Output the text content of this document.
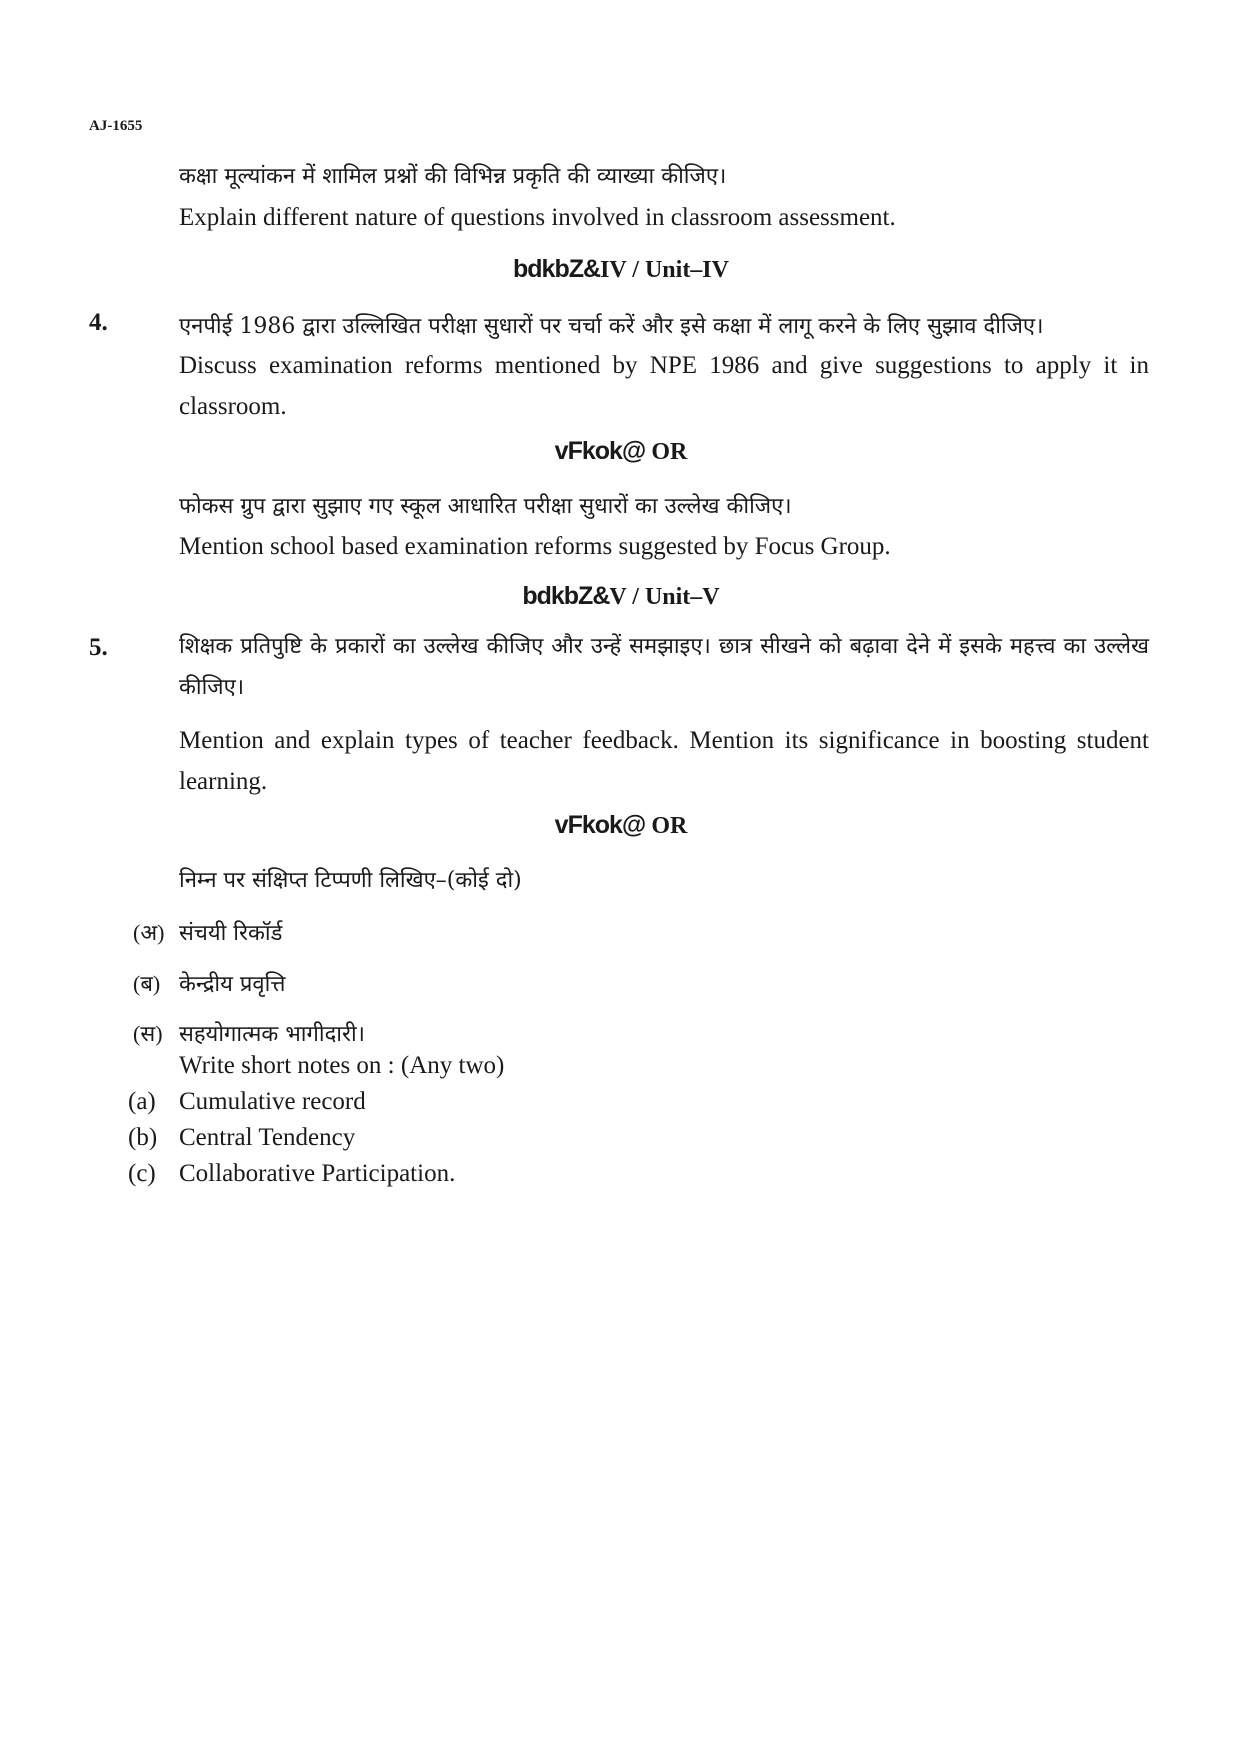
AJ-1655
कक्षा मूल्यांकन में शामिल प्रश्नों की विभिन्न प्रकृति की व्याख्या कीजिए।
Explain different nature of questions involved in classroom assessment.
bdkbZ&IV / Unit–IV
4.	एनपीई 1986 द्वारा उल्लिखित परीक्षा सुधारों पर चर्चा करें और इसे कक्षा में लागू करने के लिए सुझाव दीजिए।
Discuss examination reforms mentioned by NPE 1986 and give suggestions to apply it in classroom.
vFkok@ OR
फोकस ग्रुप द्वारा सुझाए गए स्कूल आधारित परीक्षा सुधारों का उल्लेख कीजिए।
Mention school based examination reforms suggested by Focus Group.
bdkbZ&V / Unit–V
5.	शिक्षक प्रतिपुष्टि के प्रकारों का उल्लेख कीजिए और उन्हें समझाइए। छात्र सीखने को बढ़ावा देने में इसके महत्त्व का उल्लेख कीजिए।
Mention and explain types of teacher feedback. Mention its significance in boosting student learning.
vFkok@ OR
निम्न पर संक्षिप्त टिप्पणी लिखिए–(कोई दो)
(अ) संचयी रिकॉर्ड
(ब) केन्द्रीय प्रवृत्ति
(स) सहयोगात्मक भागीदारी।
Write short notes on : (Any two)
(a) Cumulative record
(b) Central Tendency
(c) Collaborative Participation.
